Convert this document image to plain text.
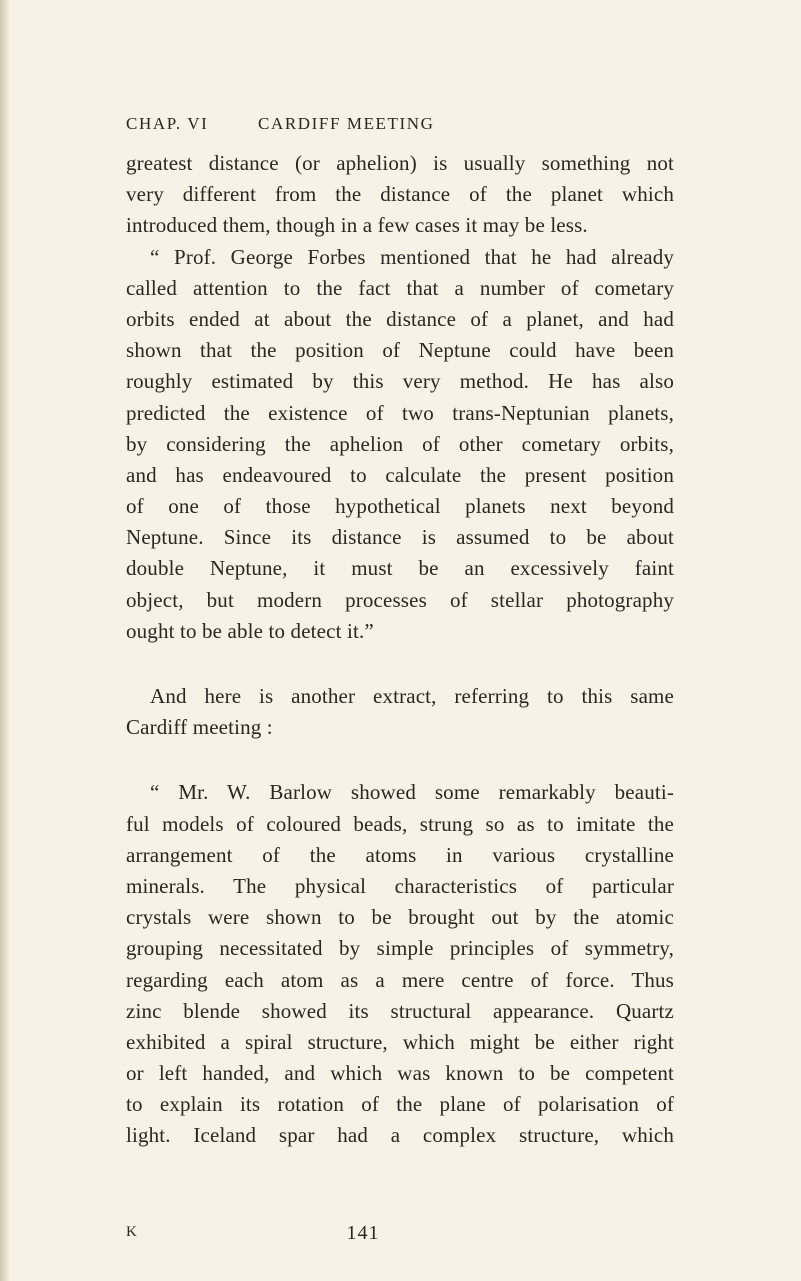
CHAP. VI	CARDIFF MEETING
greatest distance (or aphelion) is usually something not
very different from the distance of the planet which
introduced them, though in a few cases it may be less.
“ Prof. George Forbes mentioned that he had already
called attention to the fact that a number of cometary
orbits ended at about the distance of a planet, and had
shown that the position of Neptune could have been
roughly estimated by this very method. He has also
predicted the existence of two trans-Neptunian planets,
by considering the aphelion of other cometary orbits,
and has endeavoured to calculate the present position
of one of those hypothetical planets next beyond
Neptune. Since its distance is assumed to be about
double Neptune, it must be an excessively faint
object, but modern processes of stellar photography
ought to be able to detect it.”
And here is another extract, referring to this same
Cardiff meeting :
“ Mr. W. Barlow showed some remarkably beauti-
ful models of coloured beads, strung so as to imitate the
arrangement of the atoms in various crystalline
minerals. The physical characteristics of particular
crystals were shown to be brought out by the atomic
grouping necessitated by simple principles of symmetry,
regarding each atom as a mere centre of force. Thus
zinc blende showed its structural appearance. Quartz
exhibited a spiral structure, which might be either right
or left handed, and which was known to be competent
to explain its rotation of the plane of polarisation of
light. Iceland spar had a complex structure, which
K	141
